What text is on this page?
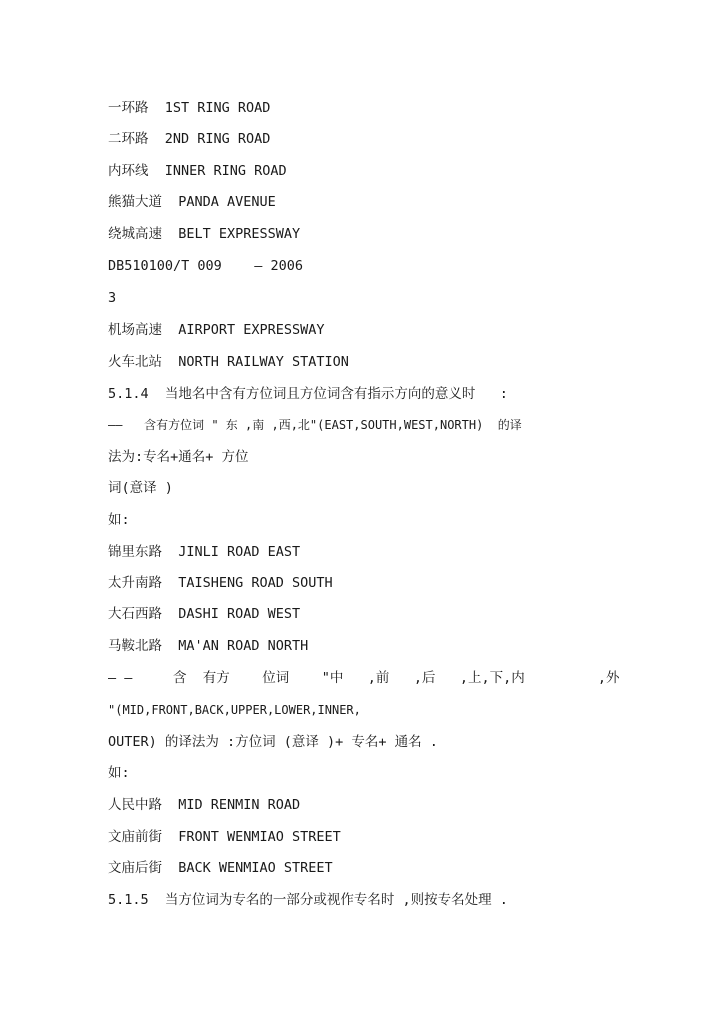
一环路  1ST RING ROAD

二环路  2ND RING ROAD

内环线  INNER RING ROAD

熊猫大道  PANDA AVENUE

绕城高速  BELT EXPRESSWAY

DB510100/T 009    — 2006

3

机场高速  AIRPORT EXPRESSWAY

火车北站  NORTH RAILWAY STATION

5.1.4  当地名中含有方位词且方位词含有指示方向的意义时   :

——   含有方位词 " 东 ,南 ,西,北"(EAST,SOUTH,WEST,NORTH)  的译

法为:专名+通名+ 方位

词(意译 )

如:

锦里东路  JINLI ROAD EAST

太升南路  TAISHENG ROAD SOUTH

大石西路  DASHI ROAD WEST

马鞍北路  MA'AN ROAD NORTH

— —     含  有方    位词    "中   ,前   ,后   ,上,下,内         ,外

"(MID,FRONT,BACK,UPPER,LOWER,INNER,

OUTER) 的译法为 :方位词 (意译 )+ 专名+ 通名 .

如:

人民中路  MID RENMIN ROAD

文庙前街  FRONT WENMIAO STREET

文庙后街  BACK WENMIAO STREET

5.1.5  当方位词为专名的一部分或视作专名时 ,则按专名处理 .
